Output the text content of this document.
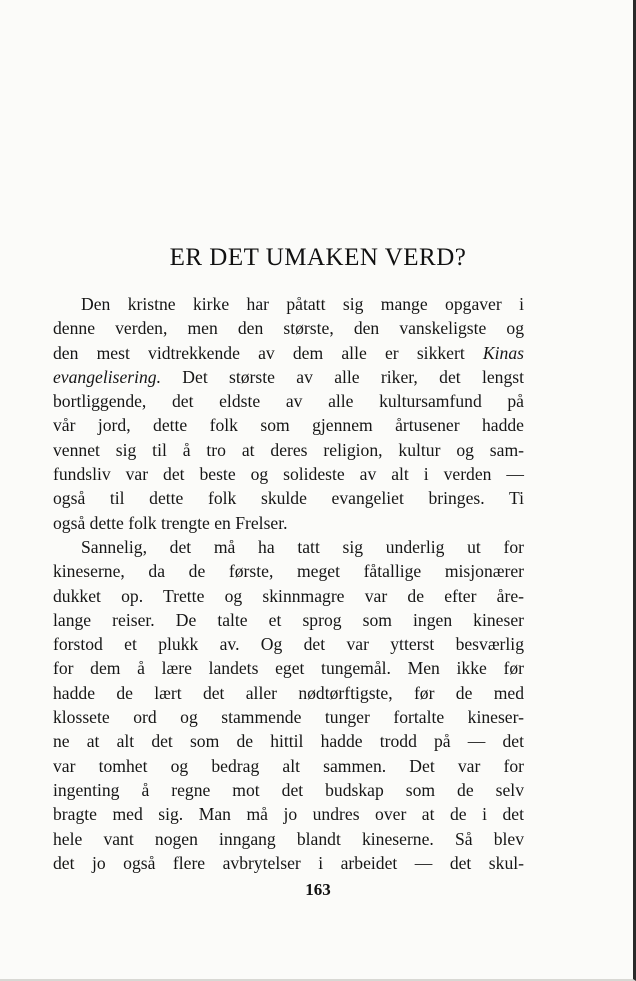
ER DET UMAKEN VERD?
Den kristne kirke har påtatt sig mange opgaver i
denne verden, men den største, den vanskeligste og
den mest vidtrekkende av dem alle er sikkert Kinas
evangelisering. Det største av alle riker, det lengst
bortliggende, det eldste av alle kultursamfund på
vår jord, dette folk som gjennem årtusener hadde
vennet sig til å tro at deres religion, kultur og sam-
fundsliv var det beste og solideste av alt i verden —
også til dette folk skulde evangeliet bringes. Ti
også dette folk trengte en Frelser.
Sannelig, det må ha tatt sig underlig ut for
kineserne, da de første, meget fåtallige misjonærer
dukket op. Trette og skinnmagre var de efter åre-
lange reiser. De talte et sprog som ingen kineser
forstod et plukk av. Og det var ytterst besværlig
for dem å lære landets eget tungemål. Men ikke før
hadde de lært det aller nødtørftigste, før de med
klossete ord og stammende tunger fortalte kineser-
ne at alt det som de hittil hadde trodd på — det
var tomhet og bedrag alt sammen. Det var for
ingenting å regne mot det budskap som de selv
bragte med sig. Man må jo undres over at de i det
hele vant nogen inngang blandt kineserne. Så blev
det jo også flere avbrytelser i arbeidet — det skul-
163
